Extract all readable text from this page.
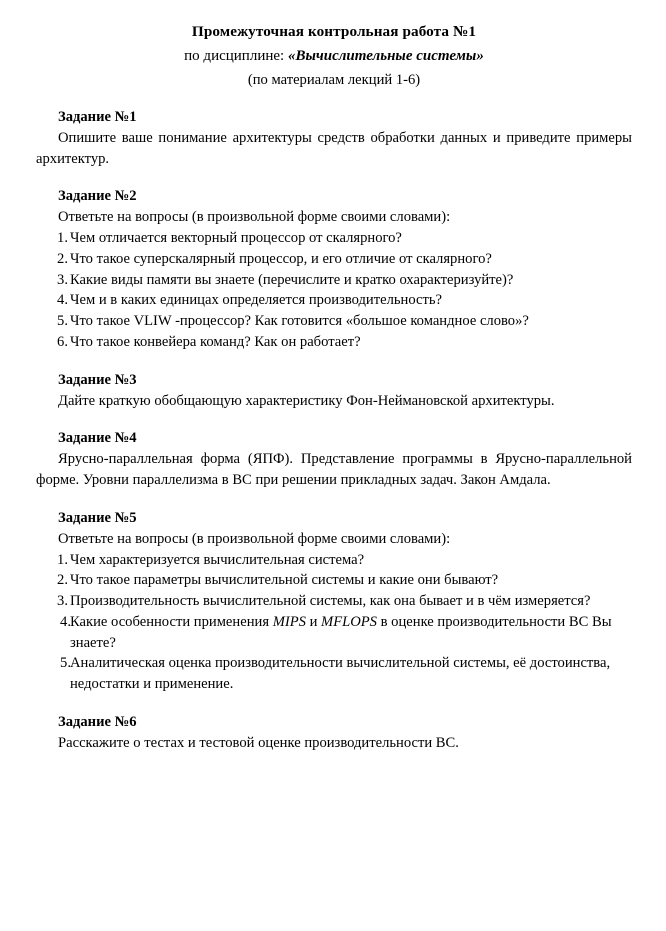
Промежуточная контрольная работа №1
по дисциплине: «Вычислительные системы»
(по материалам лекций 1-6)
Задание №1

Опишите ваше понимание архитектуры средств обработки данных и приведите примеры архитектур.

Задание №2

Ответьте на вопросы (в произвольной форме своими словами):

Чем отличается векторный процессор от скалярного?
Что такое суперскалярный процессор, и его отличие от скалярного?
Какие виды памяти вы знаете (перечислите и кратко охарактеризуйте)?
Чем и в каких единицах определяется производительность?
Что такое VLIW -процессор? Как готовится «большое командное слово»?
Что такое конвейера команд? Как он работает?
Задание №3

Дайте краткую обобщающую характеристику Фон-Неймановской архитектуры.

Задание №4

Ярусно-параллельная форма (ЯПФ). Представление программы в Ярусно-параллельной форме. Уровни параллелизма в ВС при решении прикладных задач. Закон Амдала.

Задание №5

Ответьте на вопросы (в произвольной форме своими словами):

Чем характеризуется вычислительная система?
Что такое параметры вычислительной системы и какие они бывают?
Производительность вычислительной системы, как она бывает и в чём измеряется?
Какие особенности применения MIPS и MFLOPS в оценке производительности ВС Вы знаете?
Аналитическая оценка производительности вычислительной системы, её достоинства, недостатки и применение.
Задание №6

Расскажите о тестах и тестовой оценке производительности ВС.
